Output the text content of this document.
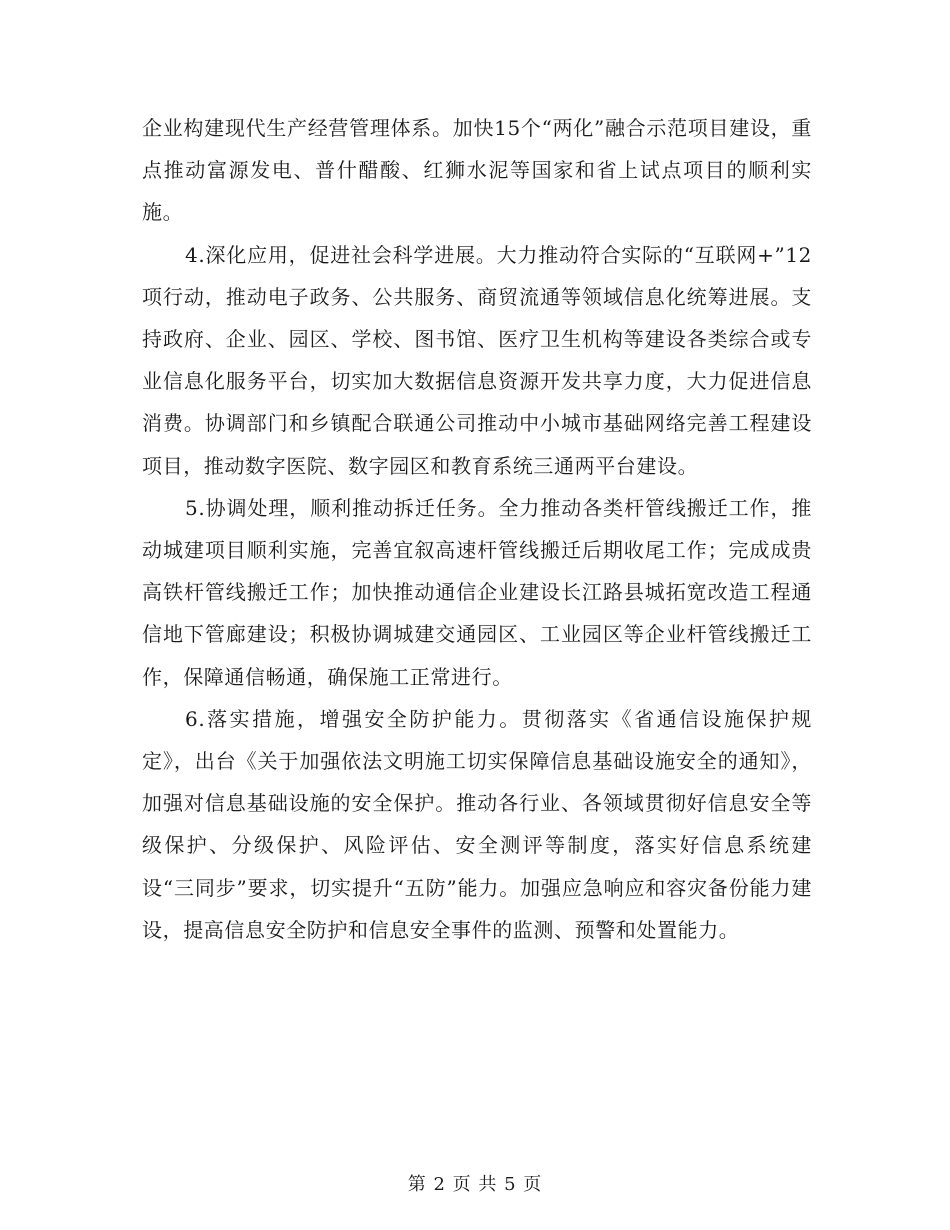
企业构建现代生产经营管理体系。加快15个“两化”融合示范项目建设，重点推动富源发电、普什醋酸、红狮水泥等国家和省上试点项目的顺利实施。

4.深化应用，促进社会科学进展。大力推动符合实际的“互联网+”12项行动，推动电子政务、公共服务、商贸流通等领域信息化统筹进展。支持政府、企业、园区、学校、图书馆、医疗卫生机构等建设各类综合或专业信息化服务平台，切实加大数据信息资源开发共享力度，大力促进信息消费。协调部门和乡镇配合联通公司推动中小城市基础网络完善工程建设项目，推动数字医院、数字园区和教育系统三通两平台建设。

5.协调处理，顺利推动拆迁任务。全力推动各类杆管线搬迁工作，推动城建项目顺利实施，完善宜叙高速杆管线搬迁后期收尾工作；完成成贵高铁杆管线搬迁工作；加快推动通信企业建设长江路县城拓宽改造工程通信地下管廊建设；积极协调城建交通园区、工业园区等企业杆管线搬迁工作，保障通信畅通，确保施工正常进行。

6.落实措施，增强安全防护能力。贯彻落实《省通信设施保护规定》，出台《关于加强依法文明施工切实保障信息基础设施安全的通知》，加强对信息基础设施的安全保护。推动各行业、各领域贯彻好信息安全等级保护、分级保护、风险评估、安全测评等制度，落实好信息系统建设“三同步”要求，切实提升“五防”能力。加强应急响应和容灾备份能力建设，提高信息安全防护和信息安全事件的监测、预警和处置能力。

第 2 页 共 5 页
